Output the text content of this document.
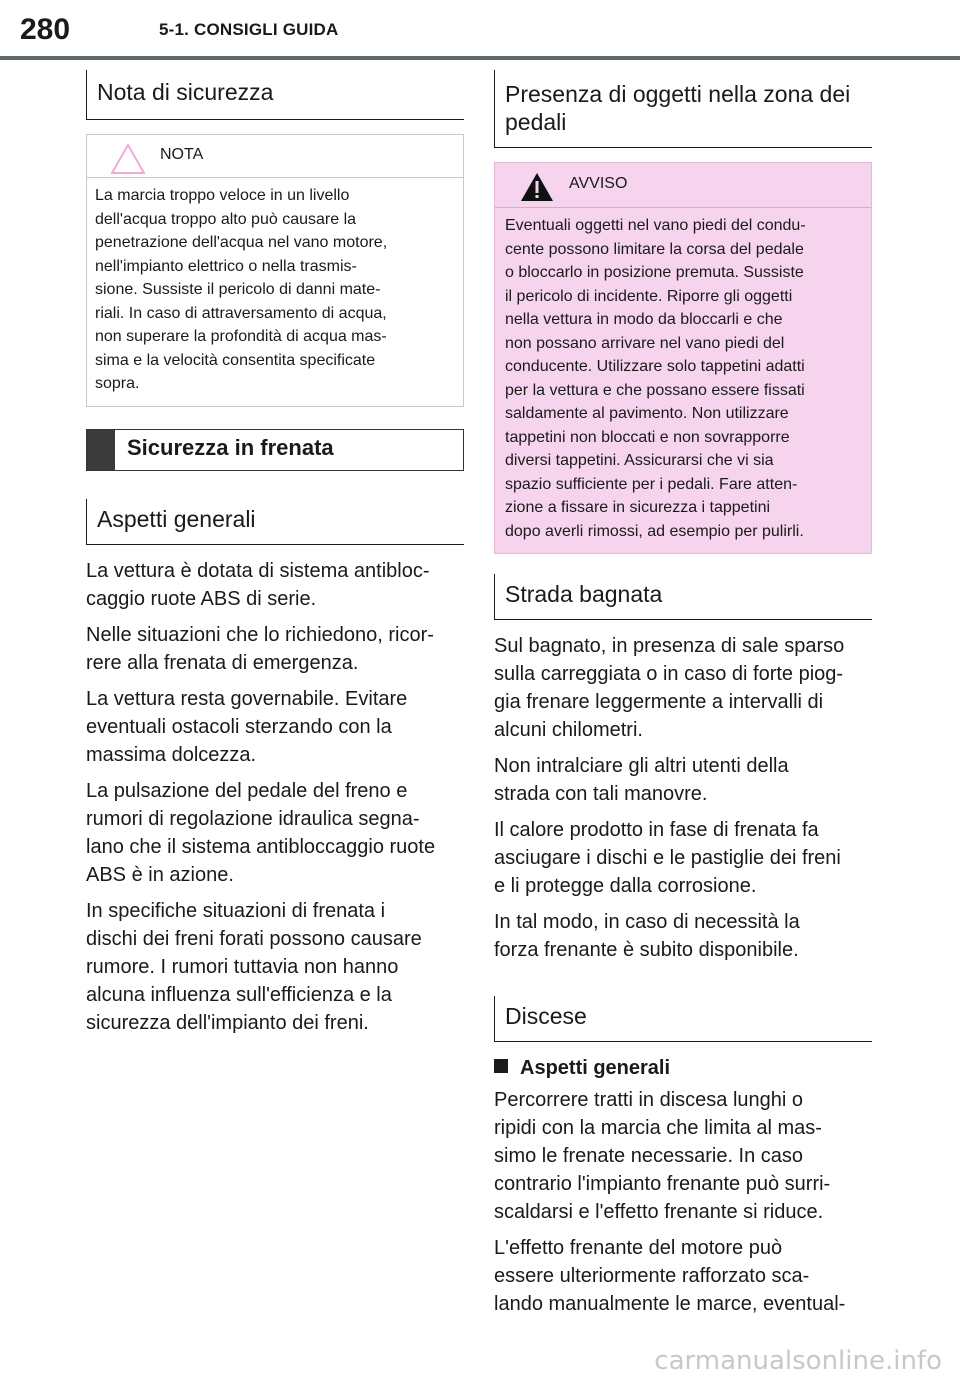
280	5-1. CONSIGLI GUIDA
Nota di sicurezza
NOTA
La marcia troppo veloce in un livello
dell'acqua troppo alto può causare la
penetrazione dell'acqua nel vano motore,
nell'impianto elettrico o nella trasmis-
sione. Sussiste il pericolo di danni mate-
riali. In caso di attraversamento di acqua,
non superare la profondità di acqua mas-
sima e la velocità consentita specificate
sopra.
Sicurezza in frenata
Aspetti generali

La vettura è dotata di sistema antibloc-
caggio ruote ABS di serie.

Nelle situazioni che lo richiedono, ricor-
rere alla frenata di emergenza.

La vettura resta governabile. Evitare
eventuali ostacoli sterzando con la
massima dolcezza.

La pulsazione del pedale del freno e
rumori di regolazione idraulica segna-
lano che il sistema antibloccaggio ruote
ABS è in azione.

In specifiche situazioni di frenata i
dischi dei freni forati possono causare
rumore. I rumori tuttavia non hanno
alcuna influenza sull'efficienza e la
sicurezza dell'impianto dei freni.

Presenza di oggetti nella zona dei
pedali
AVVISO
Eventuali oggetti nel vano piedi del condu-
cente possono limitare la corsa del pedale
o bloccarlo in posizione premuta. Sussiste
il pericolo di incidente. Riporre gli oggetti
nella vettura in modo da bloccarli e che
non possano arrivare nel vano piedi del
conducente. Utilizzare solo tappetini adatti
per la vettura e che possano essere fissati
saldamente al pavimento. Non utilizzare
tappetini non bloccati e non sovrapporre
diversi tappetini. Assicurarsi che vi sia
spazio sufficiente per i pedali. Fare atten-
zione a fissare in sicurezza i tappetini
dopo averli rimossi, ad esempio per pulirli.
Strada bagnata

Sul bagnato, in presenza di sale sparso
sulla carreggiata o in caso di forte piog-
gia frenare leggermente a intervalli di
alcuni chilometri.

Non intralciare gli altri utenti della
strada con tali manovre.

Il calore prodotto in fase di frenata fa
asciugare i dischi e le pastiglie dei freni
e li protegge dalla corrosione.

In tal modo, in caso di necessità la
forza frenante è subito disponibile.

Discese
Aspetti generali

Percorrere tratti in discesa lunghi o
ripidi con la marcia che limita al mas-
simo le frenate necessarie. In caso
contrario l'impianto frenante può surri-
scaldarsi e l'effetto frenante si riduce.

L'effetto frenante del motore può
essere ulteriormente rafforzato sca-
lando manualmente le marce, eventual-

carmanualsonline.info
